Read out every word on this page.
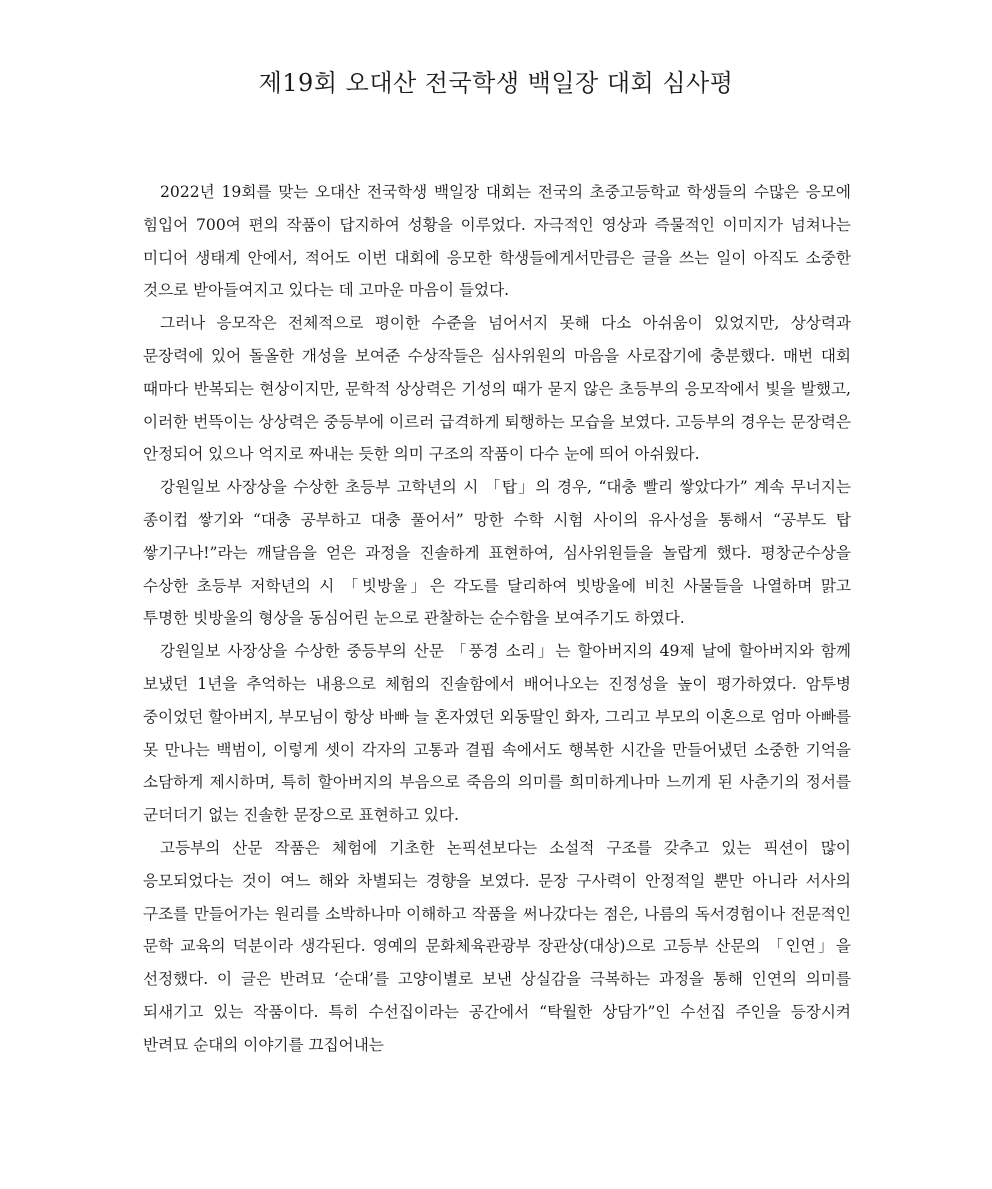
제19회 오대산 전국학생 백일장 대회 심사평

2022년 19회를 맞는 오대산 전국학생 백일장 대회는 전국의 초중고등학교 학생들의 수많은 응모에 힘입어 700여 편의 작품이 답지하여 성황을 이루었다. 자극적인 영상과 즉물적인 이미지가 넘쳐나는 미디어 생태계 안에서, 적어도 이번 대회에 응모한 학생들에게서만큼은 글을 쓰는 일이 아직도 소중한 것으로 받아들여지고 있다는 데 고마운 마음이 들었다.

그러나 응모작은 전체적으로 평이한 수준을 넘어서지 못해 다소 아쉬움이 있었지만, 상상력과 문장력에 있어 돌올한 개성을 보여준 수상작들은 심사위원의 마음을 사로잡기에 충분했다. 매번 대회 때마다 반복되는 현상이지만, 문학적 상상력은 기성의 때가 묻지 않은 초등부의 응모작에서 빛을 발했고, 이러한 번뜩이는 상상력은 중등부에 이르러 급격하게 퇴행하는 모습을 보였다. 고등부의 경우는 문장력은 안정되어 있으나 억지로 짜내는 듯한 의미 구조의 작품이 다수 눈에 띄어 아쉬웠다.

강원일보 사장상을 수상한 초등부 고학년의 시 「탑」의 경우, “대충 빨리 쌓았다가” 계속 무너지는 종이컵 쌓기와 “대충 공부하고 대충 풀어서” 망한 수학 시험 사이의 유사성을 통해서 “공부도 탑 쌓기구나!”라는 깨달음을 얻은 과정을 진솔하게 표현하여, 심사위원들을 놀랍게 했다. 평창군수상을 수상한 초등부 저학년의 시 「빗방울」은 각도를 달리하여 빗방울에 비친 사물들을 나열하며 맑고 투명한 빗방울의 형상을 동심어린 눈으로 관찰하는 순수함을 보여주기도 하였다.

강원일보 사장상을 수상한 중등부의 산문 「풍경 소리」는 할아버지의 49제 날에 할아버지와 함께 보냈던 1년을 추억하는 내용으로 체험의 진솔함에서 배어나오는 진정성을 높이 평가하였다. 암투병 중이었던 할아버지, 부모님이 항상 바빠 늘 혼자였던 외동딸인 화자, 그리고 부모의 이혼으로 엄마 아빠를 못 만나는 백범이, 이렇게 셋이 각자의 고통과 결핍 속에서도 행복한 시간을 만들어냈던 소중한 기억을 소담하게 제시하며, 특히 할아버지의 부음으로 죽음의 의미를 희미하게나마 느끼게 된 사춘기의 정서를 군더더기 없는 진솔한 문장으로 표현하고 있다.

고등부의 산문 작품은 체험에 기초한 논픽션보다는 소설적 구조를 갖추고 있는 픽션이 많이 응모되었다는 것이 여느 해와 차별되는 경향을 보였다. 문장 구사력이 안정적일 뿐만 아니라 서사의 구조를 만들어가는 원리를 소박하나마 이해하고 작품을 써나갔다는 점은, 나름의 독서경험이나 전문적인 문학 교육의 덕분이라 생각된다. 영예의 문화체육관광부 장관상(대상)으로 고등부 산문의 「인연」을 선정했다. 이 글은 반려묘 ‘순대’를 고양이별로 보낸 상실감을 극복하는 과정을 통해 인연의 의미를 되새기고 있는 작품이다. 특히 수선집이라는 공간에서 “탁월한 상담가”인 수선집 주인을 등장시켜 반려묘 순대의 이야기를 끄집어내는
